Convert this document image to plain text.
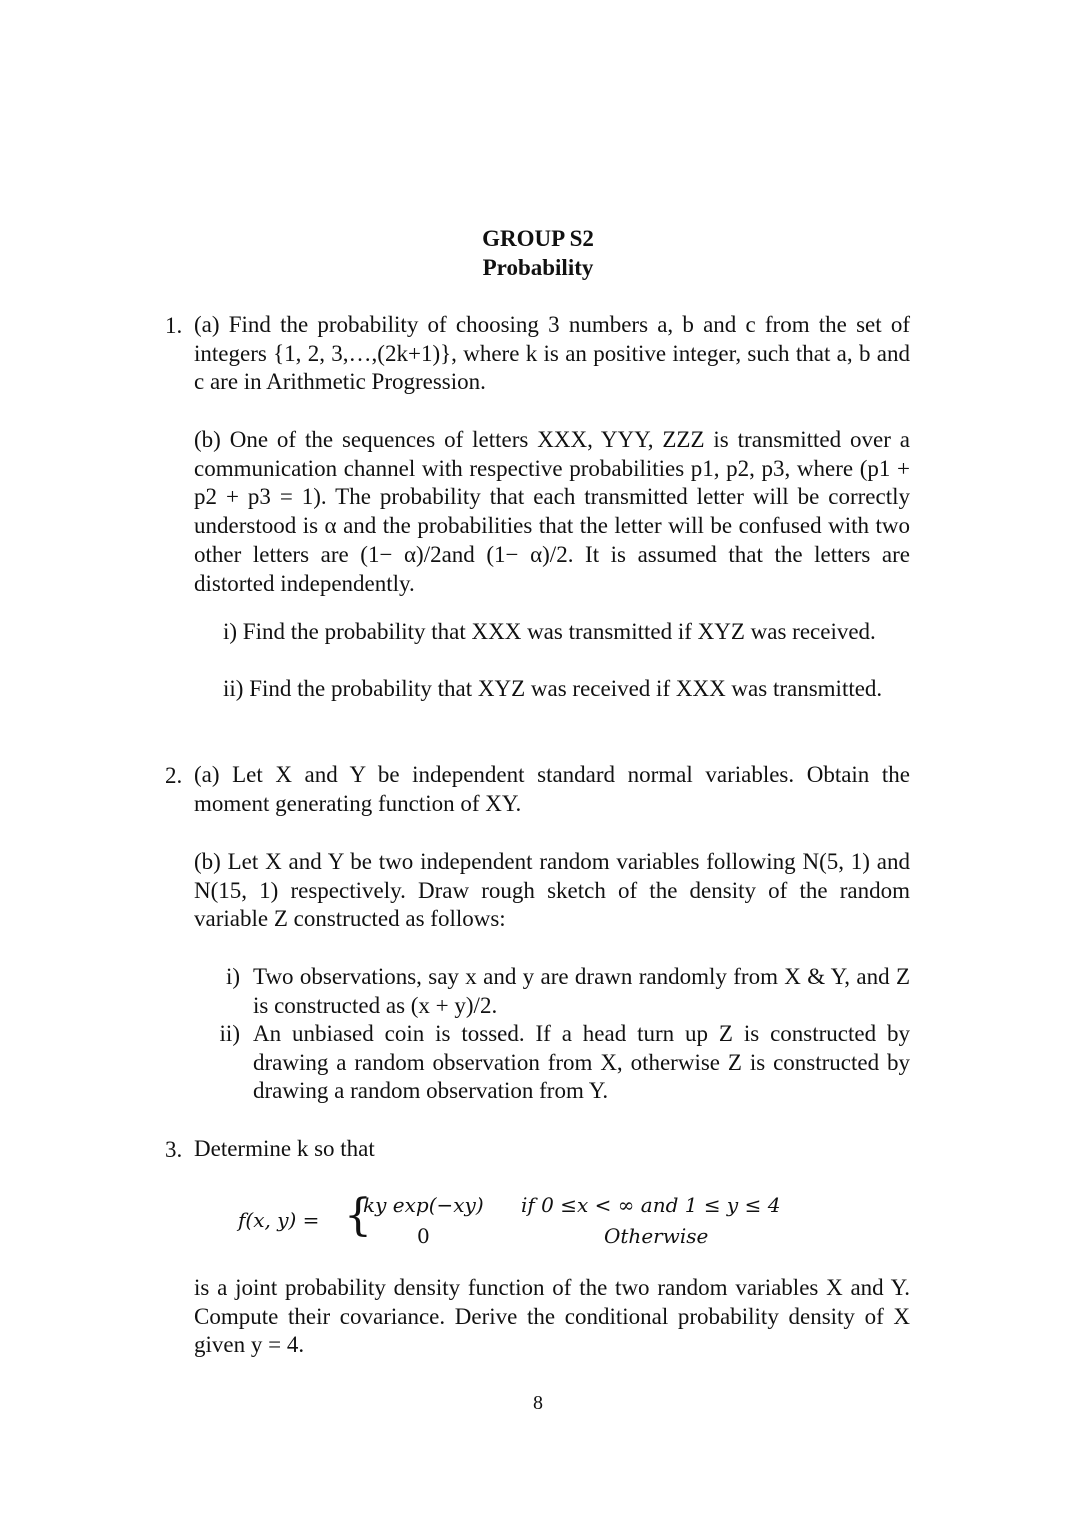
GROUP S2
Probability
1. (a) Find the probability of choosing 3 numbers a, b and c from the set of integers {1, 2, 3,…,(2k+1)}, where k is an positive integer, such that a, b and c are in Arithmetic Progression.
(b) One of the sequences of letters XXX, YYY, ZZZ is transmitted over a communication channel with respective probabilities p1, p2, p3, where (p1 + p2 + p3 = 1). The probability that each transmitted letter will be correctly understood is α and the probabilities that the letter will be confused with two other letters are (1− α)/2and (1− α)/2. It is assumed that the letters are distorted independently.
i) Find the probability that XXX was transmitted if XYZ was received.
ii) Find the probability that XYZ was received if XXX was transmitted.
2. (a) Let X and Y be independent standard normal variables. Obtain the moment generating function of XY.
(b) Let X and Y be two independent random variables following N(5, 1) and N(15, 1) respectively. Draw rough sketch of the density of the random variable Z constructed as follows:
i) Two observations, say x and y are drawn randomly from X & Y, and Z is constructed as (x + y)/2.
ii) An unbiased coin is tossed. If a head turn up Z is constructed by drawing a random observation from X, otherwise Z is constructed by drawing a random observation from Y.
3. Determine k so that
f(x, y) = {
ky exp(−xy) if 0 ≤x < ∞ and 1 ≤ y ≤ 4
0	Otherwise
is a joint probability density function of the two random variables X and Y. Compute their covariance. Derive the conditional probability density of X given y = 4.
8
